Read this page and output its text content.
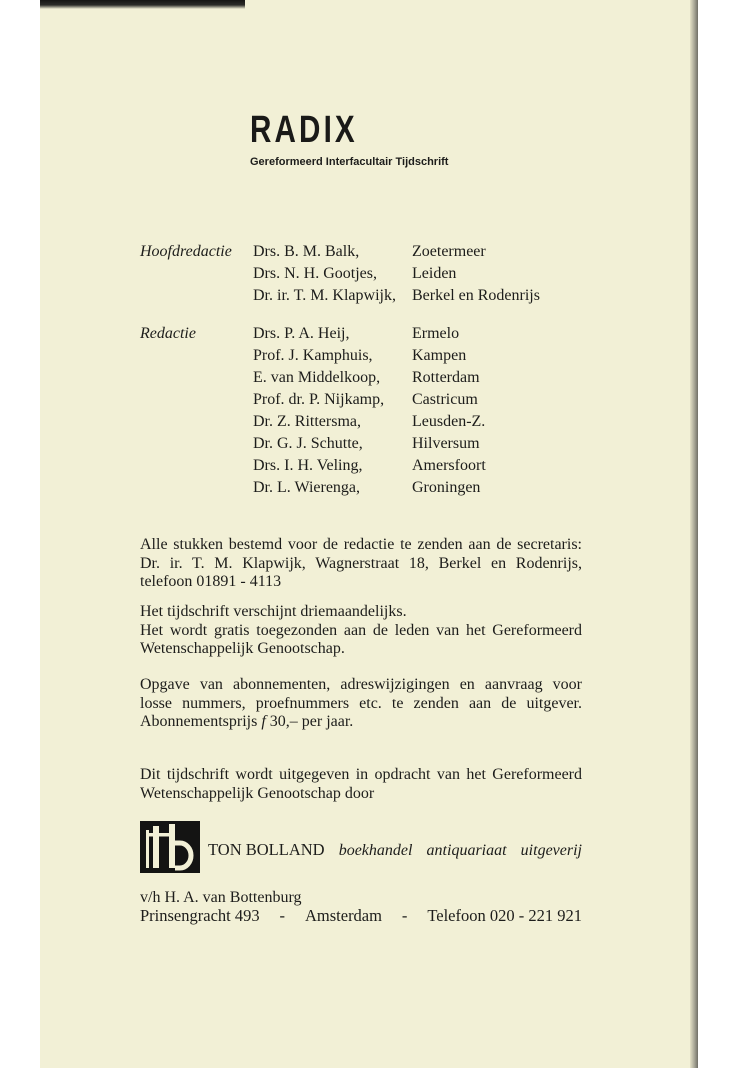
RADIX
Gereformeerd Interfacultair Tijdschrift
Hoofdredactie Drs. B. M. Balk,	Zoetermeer
Drs. N. H. Gootjes,	Leiden
Dr. ir. T. M. Klapwijk,	Berkel en Rodenrijs
Redactie	Drs. P. A. Heij,	Ermelo
Prof. J. Kamphuis,	Kampen
E. van Middelkoop,	Rotterdam
Prof. dr. P. Nijkamp,	Castricum
Dr. Z. Rittersma,	Leusden-Z.
Dr. G. J. Schutte,	Hilversum
Drs. I. H. Veling,	Amersfoort
Dr. L. Wierenga,	Groningen
Alle stukken bestemd voor de redactie te zenden aan de secretaris:
Dr. ir. T. M. Klapwijk, Wagnerstraat 18, Berkel en Rodenrijs,
telefoon 01891 - 4113
Het tijdschrift verschijnt driemaandelijks.
Het wordt gratis toegezonden aan de leden van het Gereformeerd
Wetenschappelijk Genootschap.
Opgave van abonnementen, adreswijzigingen en aanvraag voor
losse nummers, proefnummers etc. te zenden aan de uitgever.
Abonnementsprijs f 30,– per jaar.
Dit tijdschrift wordt uitgegeven in opdracht van het Gereformeerd
Wetenschappelijk Genootschap door
TON BOLLAND boekhandel antiquariaat uitgeverij
v/h H. A. van Bottenburg
Prinsengracht 493 - Amsterdam - Telefoon 020 - 221 921
